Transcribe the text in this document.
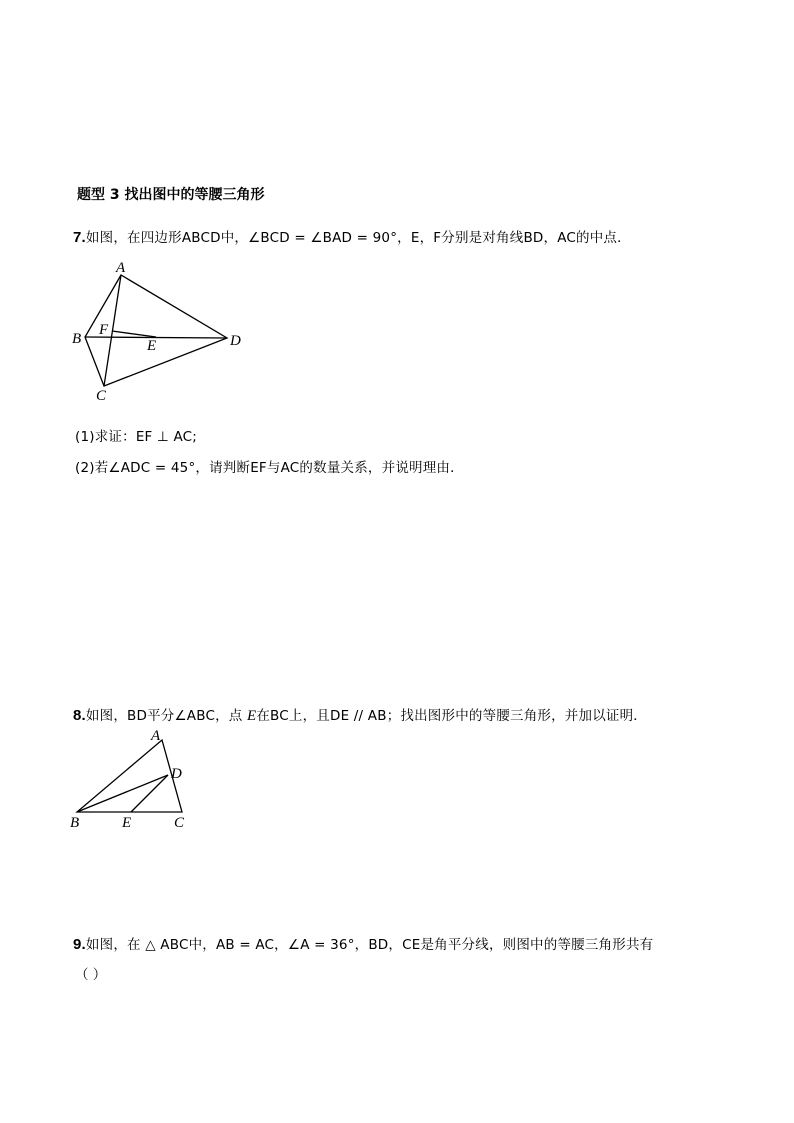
题型 3 找出图中的等腰三角形
7.如图，在四边形ABCD中，∠BCD = ∠BAD = 90°，E，F分别是对角线BD，AC的中点．
A
B
C
D
E
F
(1)求证：EF ⊥ AC;
(2)若∠ADC = 45°，请判断EF与AC的数量关系，并说明理由．
8.如图，BD平分∠ABC，点 E在BC上，且DE // AB；找出图形中的等腰三角形，并加以证明．
A
B	C
D
E
9.如图，在 △ ABC中，AB = AC，∠A = 36°，BD，CE是角平分线，则图中的等腰三角形共有
（ ）
